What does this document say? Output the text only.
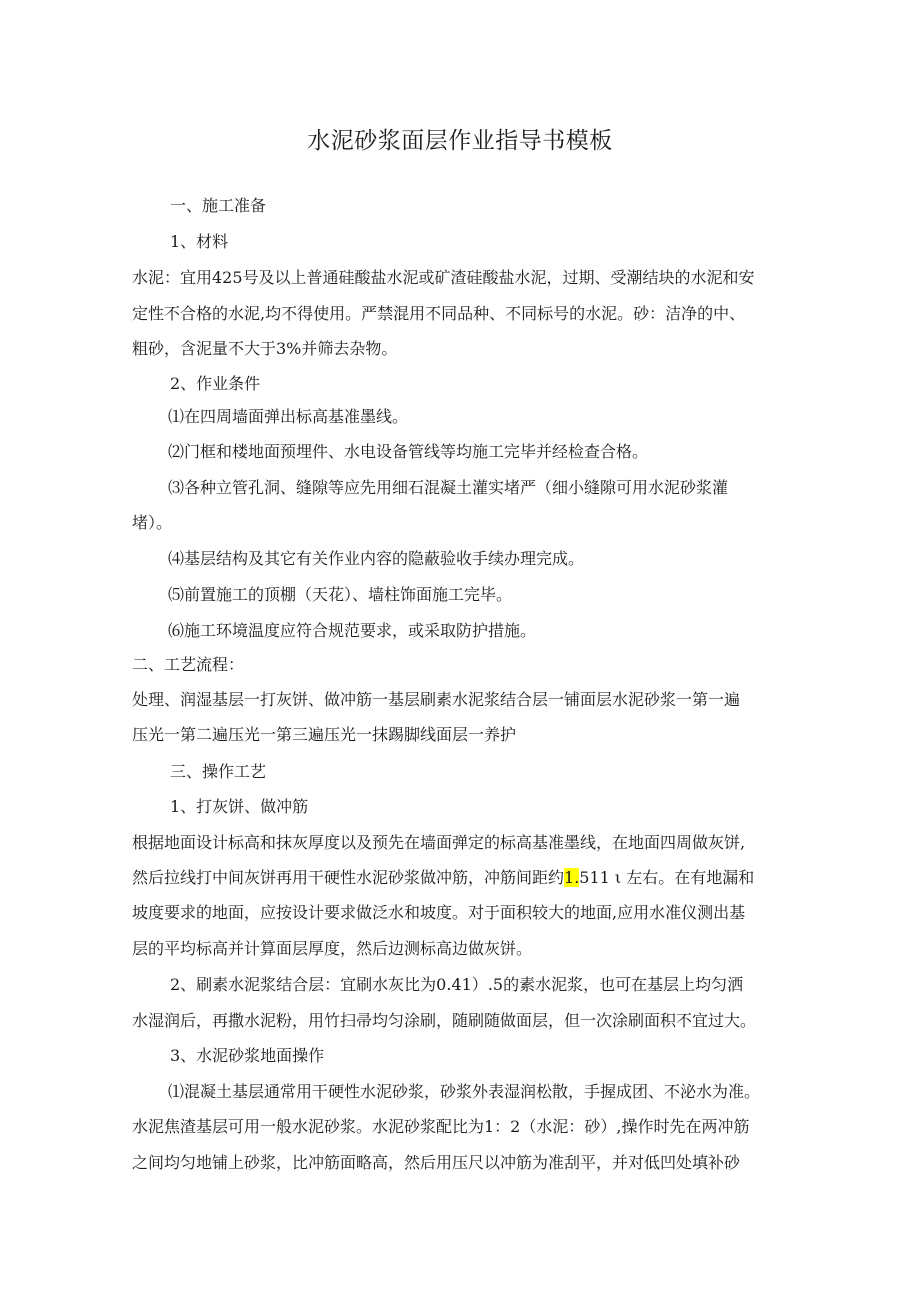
水泥砂浆面层作业指导书模板
一、施工准备
1、材料
水泥：宜用425号及以上普通硅酸盐水泥或矿渣硅酸盐水泥，过期、受潮结块的水泥和安
定性不合格的水泥,均不得使用。严禁混用不同品种、不同标号的水泥。砂：洁净的中、
粗砂，含泥量不大于3%并筛去杂物。
2、作业条件
⑴在四周墙面弹出标高基准墨线。
⑵门框和楼地面预埋件、水电设备管线等均施工完毕并经检查合格。
⑶各种立管孔洞、缝隙等应先用细石混凝土灌实堵严（细小缝隙可用水泥砂浆灌
堵）。
⑷基层结构及其它有关作业内容的隐蔽验收手续办理完成。
⑸前置施工的顶棚（天花）、墙柱饰面施工完毕。
⑹施工环境温度应符合规范要求，或采取防护措施。
二、工艺流程：
处理、润湿基层一打灰饼、做冲筋一基层刷素水泥浆结合层一铺面层水泥砂浆一第一遍
压光一第二遍压光一第三遍压光一抹踢脚线面层一养护
三、操作工艺
1、打灰饼、做冲筋
根据地面设计标高和抹灰厚度以及预先在墙面弹定的标高基准墨线，在地面四周做灰饼,
然后拉线打中间灰饼再用干硬性水泥砂浆做冲筋，冲筋间距约1.511 ι 左右。在有地漏和
坡度要求的地面，应按设计要求做泛水和坡度。对于面积较大的地面,应用水准仪测出基
层的平均标高并计算面层厚度，然后边测标高边做灰饼。
2、刷素水泥浆结合层：宜刷水灰比为0.41）.5的素水泥浆，也可在基层上均匀洒
水湿润后，再撒水泥粉，用竹扫帚均匀涂刷，随刷随做面层，但一次涂刷面积不宜过大。
3、水泥砂浆地面操作
⑴混凝土基层通常用干硬性水泥砂浆，砂浆外表湿润松散，手握成团、不泌水为准。
水泥焦渣基层可用一般水泥砂浆。水泥砂浆配比为1：2（水泥：砂）,操作时先在两冲筋
之间均匀地铺上砂浆，比冲筋面略高，然后用压尺以冲筋为准刮平，并对低凹处填补砂
